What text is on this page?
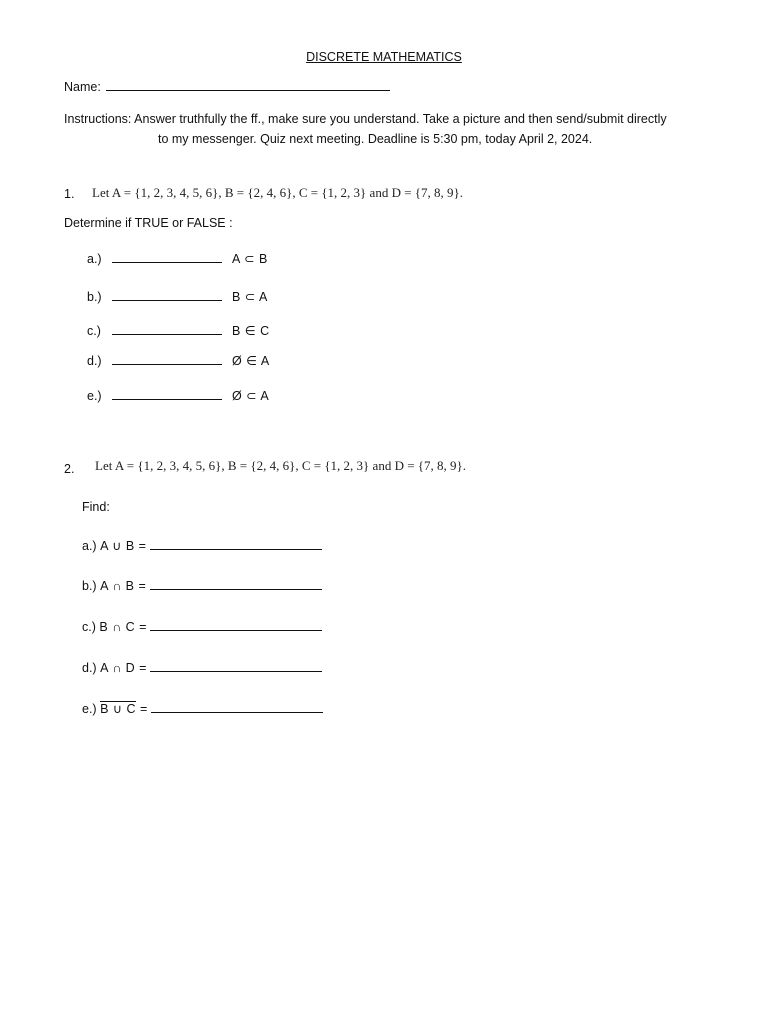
DISCRETE MATHEMATICS
Name:
Instructions: Answer truthfully the ff., make sure you understand. Take a picture and then send/submit directly
to my messenger. Quiz next meeting. Deadline is 5:30 pm, today April 2, 2024.
1. Let A = {1, 2, 3, 4, 5, 6}, B = {2, 4, 6}, C = {1, 2, 3} and D = {7, 8, 9}.
Determine if TRUE or FALSE :
a.)	A ⊂ B
b.)	B ⊂ A
c.)	B ∈ C
d.)	Ø ∈ A
e.)	Ø ⊂ A
2. Let A = {1, 2, 3, 4, 5, 6}, B = {2, 4, 6}, C = {1, 2, 3} and D = {7, 8, 9}.
Find:
a.) A ∪ B =
b.) A ∩ B =
c.) B ∩ C =
d.) A ∩ D =
e.) B ∪ C =
